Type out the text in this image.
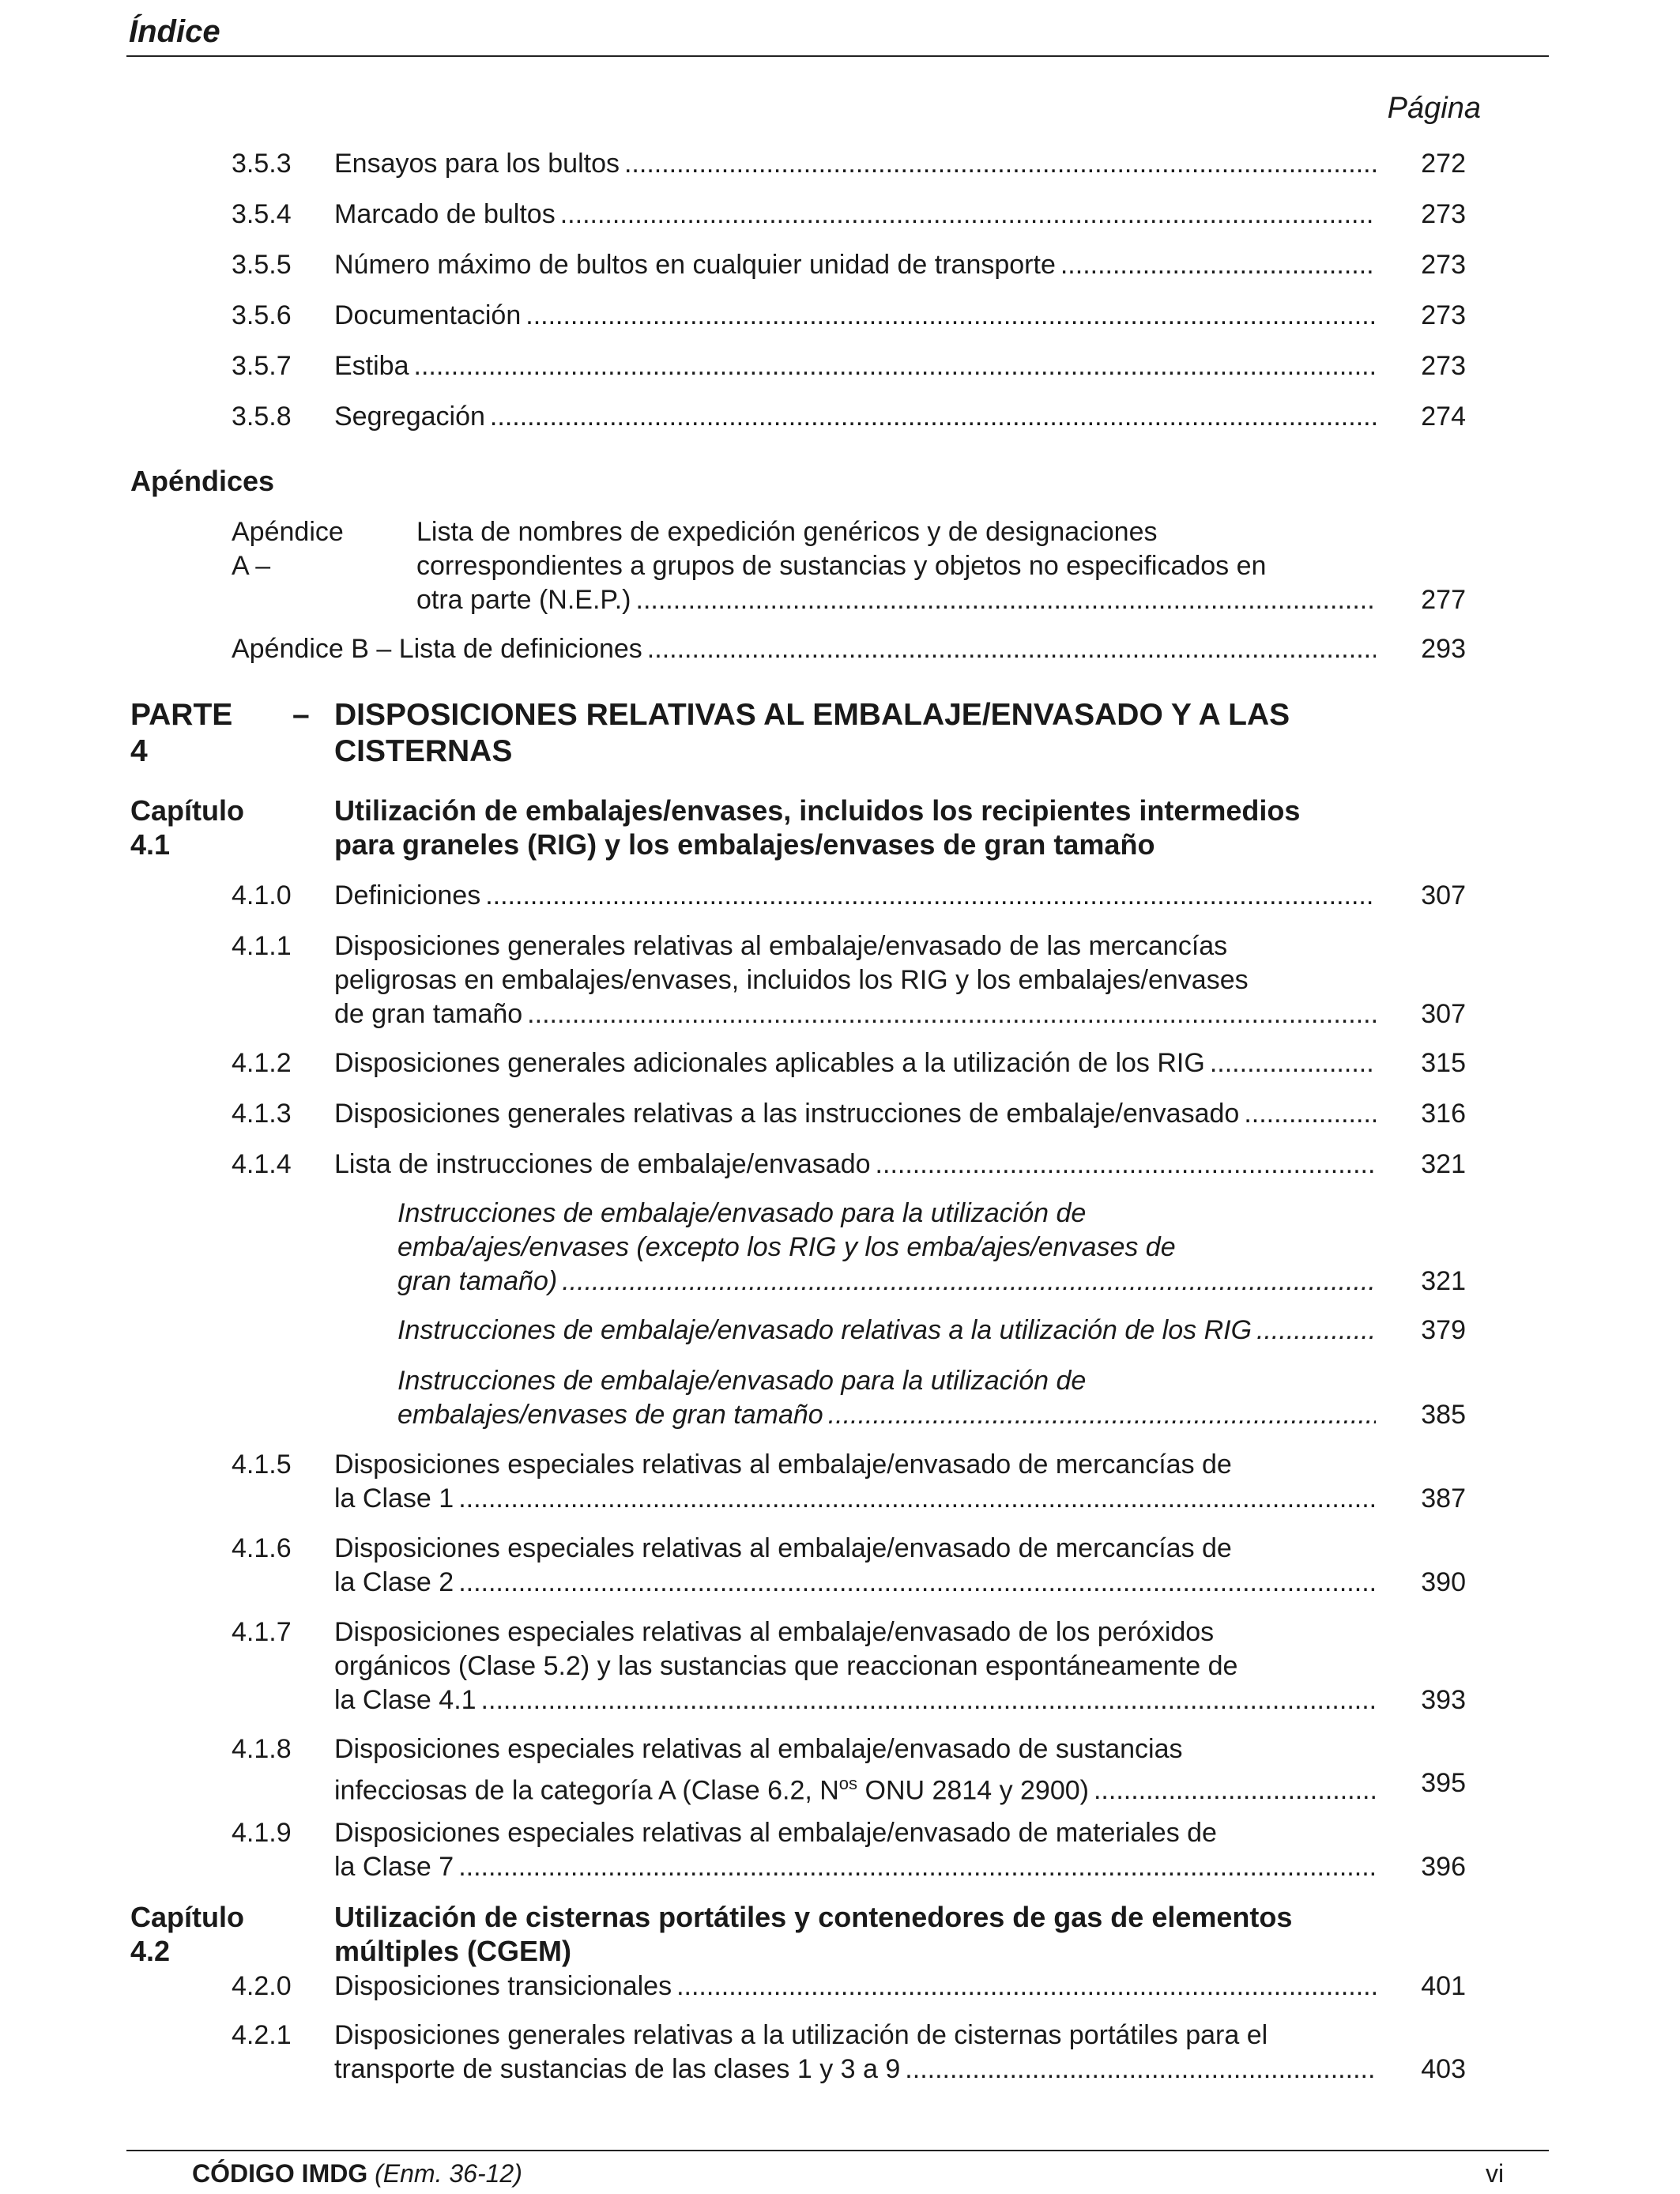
Índice
Página
3.5.3 Ensayos para los bultos .....	272
3.5.4 Marcado de bultos .....	273
3.5.5 Número máximo de bultos en cualquier unidad de transporte .....	273
3.5.6 Documentación .....	273
3.5.7 Estiba .....	273
3.5.8 Segregación .....	274
Apéndices
Apéndice A –
Lista de nombres de expedición genéricos y de designaciones
correspondientes a grupos de sustancias y objetos no especificados en
otra parte (N.E.P.) .....	277
Apéndice B – Lista de definiciones .....	293
PARTE 4
– DISPOSICIONES RELATIVAS AL EMBALAJE/ENVASADO Y A LAS
CISTERNAS
Capítulo 4.1
Utilización de embalajes/envases, incluidos los recipientes intermedios
para graneles (RIG) y los embalajes/envases de gran tamaño
4.1.0 Definiciones .....	307
4.1.1 Disposiciones generales relativas al embalaje/envasado de las mercancías
peligrosas en embalajes/envases, incluidos los RIG y los embalajes/envases
de gran tamaño .....	307
4.1.2 Disposiciones generales adicionales aplicables a la utilización de los RIG .....	315
4.1.3 Disposiciones generales relativas a las instrucciones de embalaje/envasado .....	316
4.1.4 Lista de instrucciones de embalaje/envasado .....	321
Instrucciones de embalaje/envasado para la utilización de
emba/ajes/envases (excepto los RIG y los emba/ajes/envases de
gran tamaño) .....	321
Instrucciones de embalaje/envasado relativas a la utilización de los RIG .....	379
Instrucciones de embalaje/envasado para la utilización de
embalajes/envases de gran tamaño .....	385
4.1.5 Disposiciones especiales relativas al embalaje/envasado de mercancías de
la Clase 1 .....	387
4.1.6 Disposiciones especiales relativas al embalaje/envasado de mercancías de
la Clase 2 .....	390
4.1.7 Disposiciones especiales relativas al embalaje/envasado de los peróxidos
orgánicos (Clase 5.2) y las sustancias que reaccionan espontáneamente de
la Clase 4.1 .....	393
4.1.8 Disposiciones especiales relativas al embalaje/envasado de sustancias
infecciosas de la categoría A (Clase 6.2, $N^{os}$ ONU 2814 y 2900) .....	395
4.1.9 Disposiciones especiales relativas al embalaje/envasado de materiales de
la Clase 7 .....	396
Capítulo 4.2
Utilización de cisternas portátiles y contenedores de gas de elementos
múltiples (CGEM)
4.2.0 Disposiciones transicionales .....	401
4.2.1 Disposiciones generales relativas a la utilización de cisternas portátiles para el
transporte de sustancias de las clases 1 y 3 a 9 .....	403
CÓDIGO IMDG (Enm. 36-12)	vi
